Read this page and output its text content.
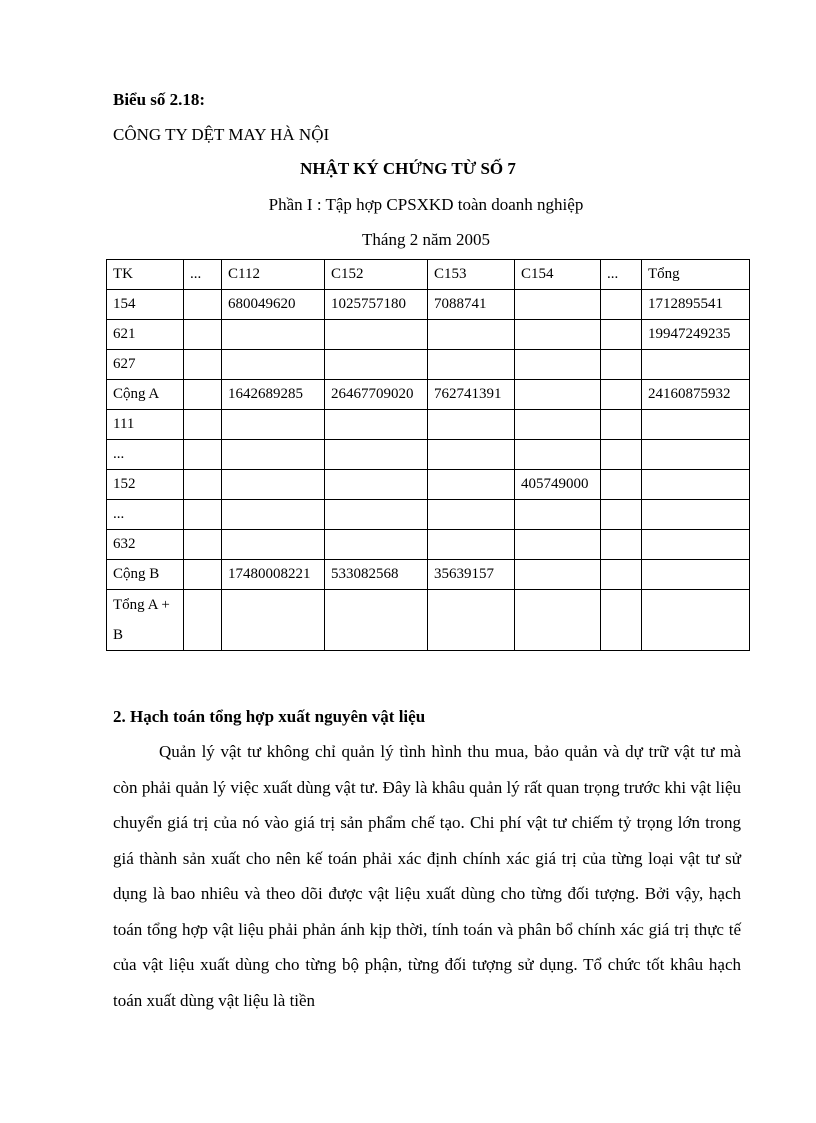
Biểu số 2.18:
CÔNG TY DỆT MAY HÀ NỘI
NHẬT KÝ CHỨNG TỪ SỐ 7
Phần I : Tập hợp CPSXKD toàn doanh nghiệp
Tháng 2 năm 2005
TK	...	C112	C152	C153	C154	...	Tổng
154		680049620	1025757180	7088741			1712895541
621							19947249235
627							
Cộng A		1642689285	26467709020	762741391			24160875932
111							
...							
152					405749000		
...							
632							
Cộng B		17480008221	533082568	35639157			
Tổng A + B							
2. Hạch toán tổng hợp xuất nguyên vật liệu
Quản lý vật tư không chỉ quản lý tình hình thu mua, bảo quản và dự trữ vật tư mà còn phải quản lý việc xuất dùng vật tư. Đây là khâu quản lý rất quan trọng trước khi vật liệu chuyển giá trị của nó vào giá trị sản phẩm chế tạo. Chi phí vật tư chiếm tỷ trọng lớn trong giá thành sản xuất cho nên kế toán phải xác định chính xác giá trị của từng loại vật tư sử dụng là bao nhiêu và theo dõi được vật liệu xuất dùng cho từng đối tượng. Bởi vậy, hạch toán tổng hợp vật liệu phải phản ánh kịp thời, tính toán và phân bổ chính xác giá trị thực tế của vật liệu xuất dùng cho từng bộ phận, từng đối tượng sử dụng. Tổ chức tốt khâu hạch toán xuất dùng vật liệu là tiền
